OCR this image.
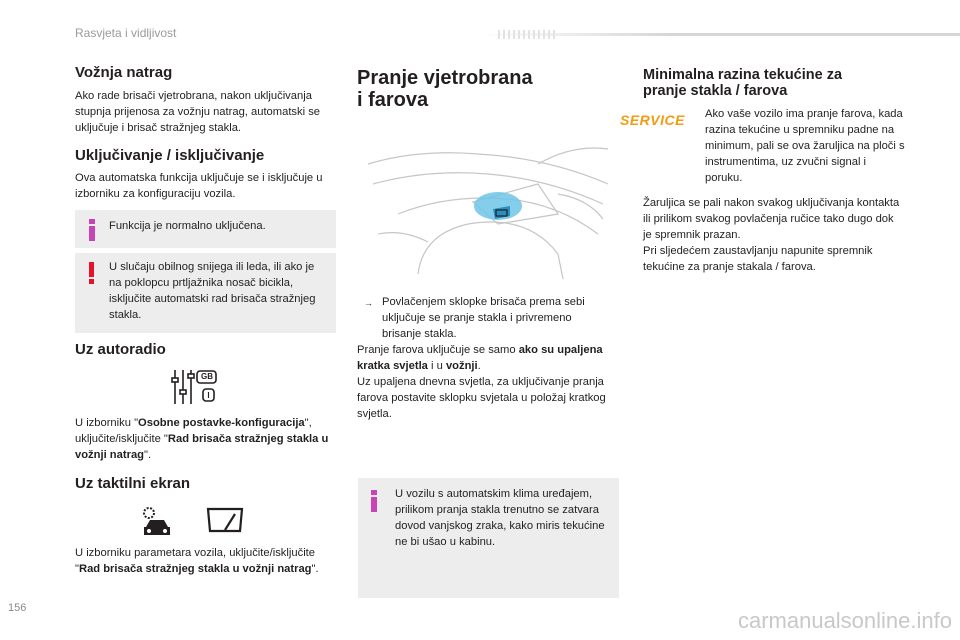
Rasvjeta i vidljivost
Vožnja natrag

Ako rade brisači vjetrobrana, nakon uključivanja stupnja prijenosa za vožnju natrag, automatski se uključuje i brisač stražnjeg stakla.

Uključivanje / isključivanje

Ova automatska funkcija uključuje se i isključuje u izborniku za konfiguraciju vozila.

Funkcija je normalno uključena.

U slučaju obilnog snijega ili leda, ili ako je na poklopcu prtljažnika nosač bicikla, isključite automatski rad brisača stražnjeg stakla.

Uz autoradio
GB
I

U izborniku "Osobne postavke-konfiguracija", uključite/isključite "Rad brisača stražnjeg stakla u vožnji natrag".

Uz taktilni ekran

U izborniku parametara vozila, uključite/isključite "Rad brisača stražnjeg stakla u vožnji natrag".

Pranje vjetrobrana
i farova
→ Povlačenjem sklopke brisača prema sebi uključuje se pranje stakla i privremeno brisanje stakla.

Pranje farova uključuje se samo ako su upaljena kratka svjetla i u vožnji.

Uz upaljena dnevna svjetla, za uključivanje pranja farova postavite sklopku svjetala u položaj kratkog svjetla.

U vozilu s automatskim klima uređajem, prilikom pranja stakla trenutno se zatvara dovod vanjskog zraka, kako miris tekućine ne bi ušao u kabinu.

Minimalna razina tekućine za
pranje stakla / farova
SERVICE Ako vaše vozilo ima pranje farova, kada razina tekućine u spremniku padne na minimum, pali se ova žaruljica na ploči s instrumentima, uz zvučni signal i poruku.

Žaruljica se pali nakon svakog uključivanja kontakta ili prilikom svakog povlačenja ručice tako dugo dok je spremnik prazan.

Pri sljedećem zaustavljanju napunite spremnik tekućine za pranje stakala / farova.

156	carmanualsonline.info
